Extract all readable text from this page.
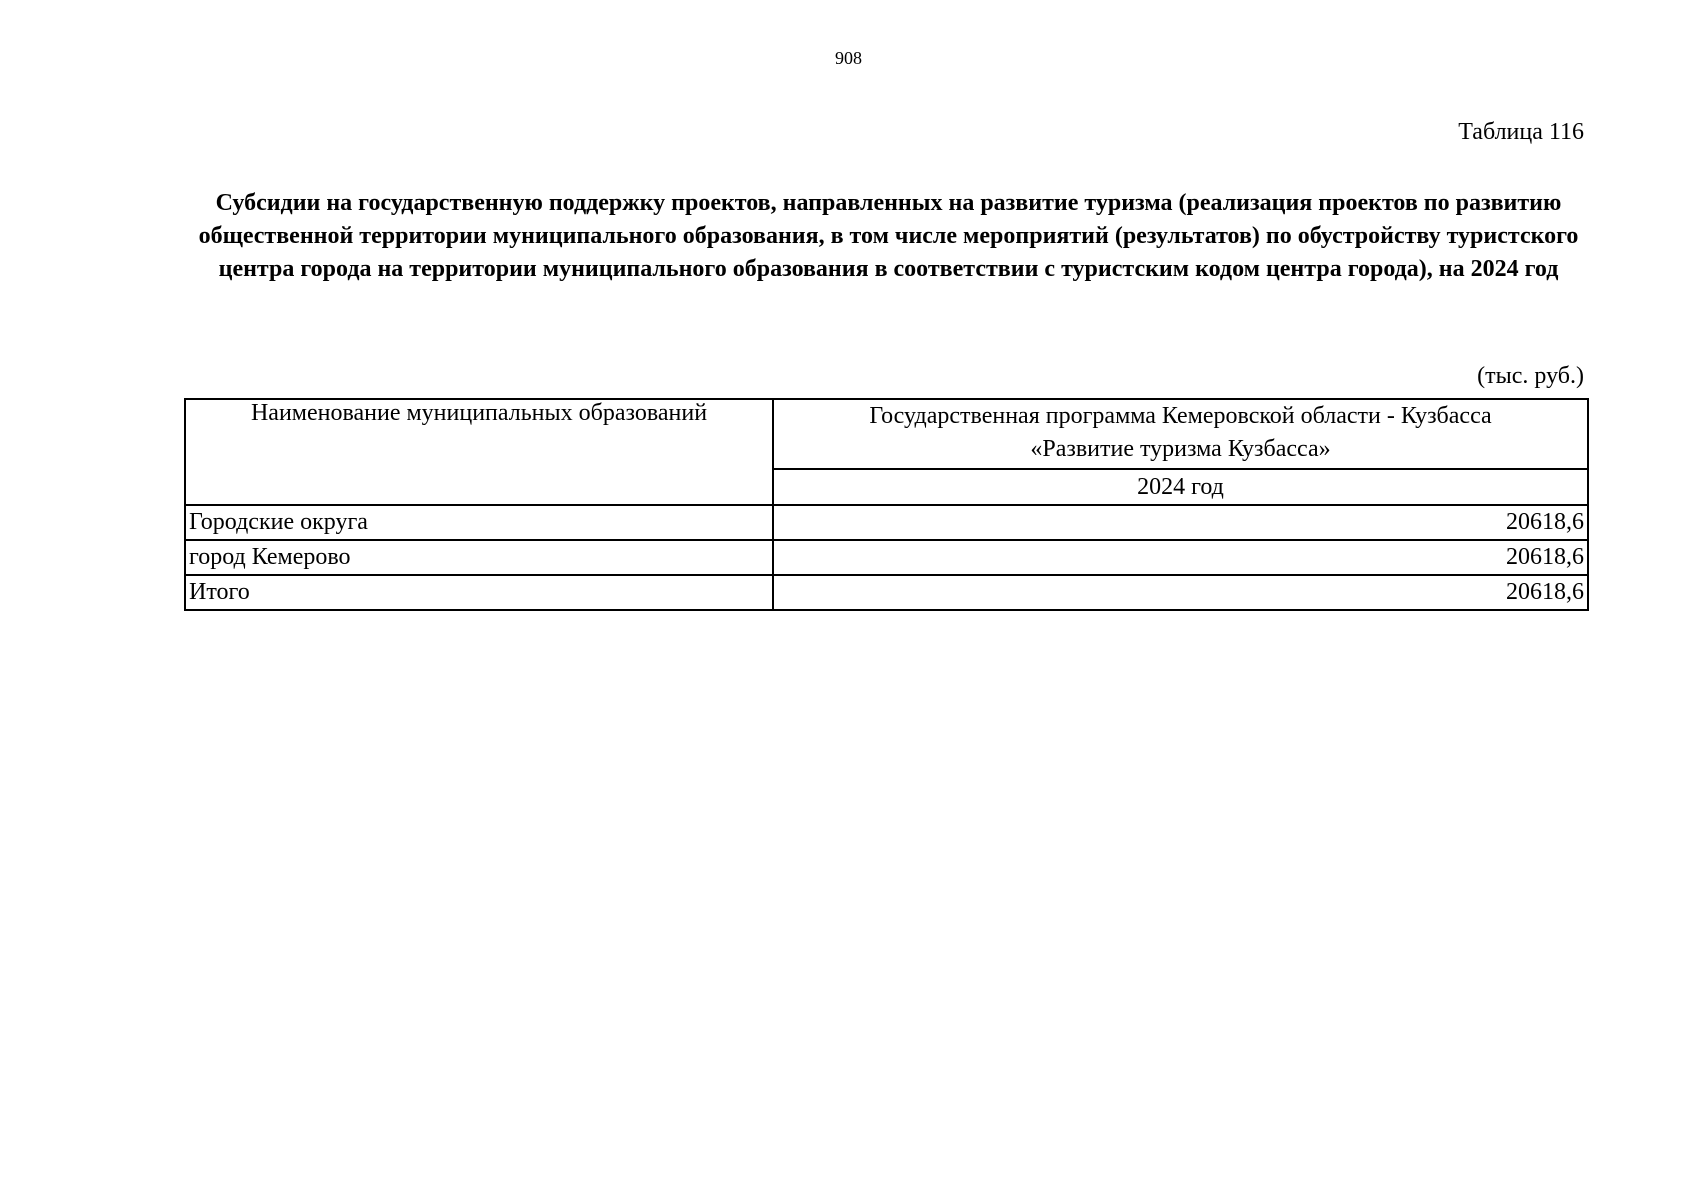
908
Таблица 116
Субсидии на государственную поддержку проектов, направленных на развитие туризма (реализация проектов по развитию общественной территории муниципального образования, в том числе мероприятий (результатов) по обустройству туристского центра города на территории муниципального образования в соответствии с туристским кодом центра города), на 2024 год
(тыс. руб.)
Наименование муниципальных образований	Государственная программа Кемеровской области - Кузбасса
«Развитие туризма Кузбасса»

	2024 год
Городские округа	20618,6
город Кемерово	20618,6
Итого	20618,6
